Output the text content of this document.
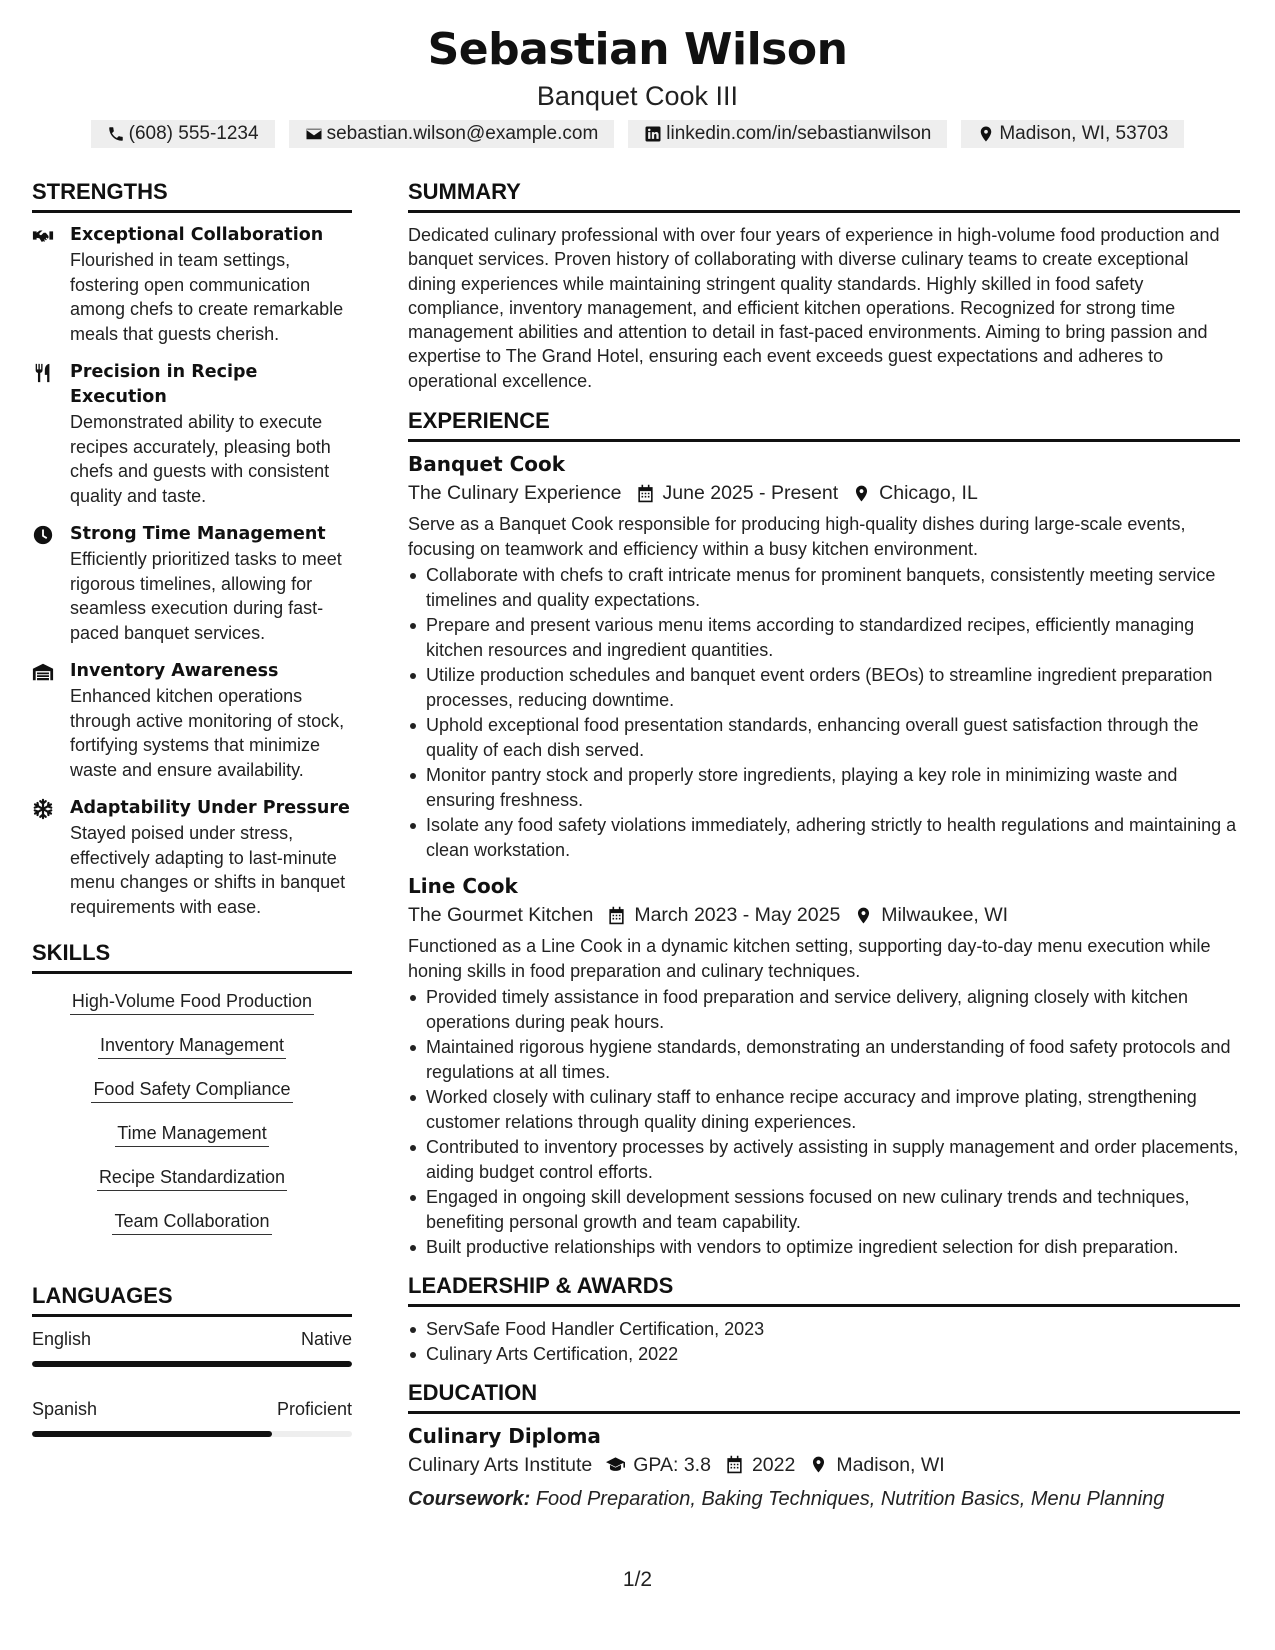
Sebastian Wilson
Banquet Cook III
(608) 555-1234	sebastian.wilson@example.com	linkedin.com/in/sebastianwilson	Madison, WI, 53703
STRENGTHS
Exceptional Collaboration
Flourished in team settings, fostering open communication among chefs to create remarkable meals that guests cherish.
Precision in Recipe Execution
Demonstrated ability to execute recipes accurately, pleasing both chefs and guests with consistent quality and taste.
Strong Time Management
Efficiently prioritized tasks to meet rigorous timelines, allowing for seamless execution during fast-paced banquet services.
Inventory Awareness
Enhanced kitchen operations through active monitoring of stock, fortifying systems that minimize waste and ensure availability.
Adaptability Under Pressure
Stayed poised under stress, effectively adapting to last-minute menu changes or shifts in banquet requirements with ease.
SKILLS
High-Volume Food Production
Inventory Management
Food Safety Compliance
Time Management
Recipe Standardization
Team Collaboration
LANGUAGES
English	Native
Spanish	Proficient
SUMMARY
Dedicated culinary professional with over four years of experience in high-volume food production and banquet services. Proven history of collaborating with diverse culinary teams to create exceptional dining experiences while maintaining stringent quality standards. Highly skilled in food safety compliance, inventory management, and efficient kitchen operations. Recognized for strong time management abilities and attention to detail in fast-paced environments. Aiming to bring passion and expertise to The Grand Hotel, ensuring each event exceeds guest expectations and adheres to operational excellence.
EXPERIENCE
Banquet Cook
The Culinary Experience June 2025 - Present Chicago, IL
Serve as a Banquet Cook responsible for producing high-quality dishes during large-scale events, focusing on teamwork and efficiency within a busy kitchen environment.
Collaborate with chefs to craft intricate menus for prominent banquets, consistently meeting service timelines and quality expectations.
Prepare and present various menu items according to standardized recipes, efficiently managing kitchen resources and ingredient quantities.
Utilize production schedules and banquet event orders (BEOs) to streamline ingredient preparation processes, reducing downtime.
Uphold exceptional food presentation standards, enhancing overall guest satisfaction through the quality of each dish served.
Monitor pantry stock and properly store ingredients, playing a key role in minimizing waste and ensuring freshness.
Isolate any food safety violations immediately, adhering strictly to health regulations and maintaining a clean workstation.
Line Cook
The Gourmet Kitchen March 2023 - May 2025 Milwaukee, WI
Functioned as a Line Cook in a dynamic kitchen setting, supporting day-to-day menu execution while honing skills in food preparation and culinary techniques.
Provided timely assistance in food preparation and service delivery, aligning closely with kitchen operations during peak hours.
Maintained rigorous hygiene standards, demonstrating an understanding of food safety protocols and regulations at all times.
Worked closely with culinary staff to enhance recipe accuracy and improve plating, strengthening customer relations through quality dining experiences.
Contributed to inventory processes by actively assisting in supply management and order placements, aiding budget control efforts.
Engaged in ongoing skill development sessions focused on new culinary trends and techniques, benefiting personal growth and team capability.
Built productive relationships with vendors to optimize ingredient selection for dish preparation.
LEADERSHIP & AWARDS
ServSafe Food Handler Certification, 2023
Culinary Arts Certification, 2022
EDUCATION
Culinary Diploma
Culinary Arts Institute GPA: 3.8 2022 Madison, WI
Coursework: Food Preparation, Baking Techniques, Nutrition Basics, Menu Planning
1/2
